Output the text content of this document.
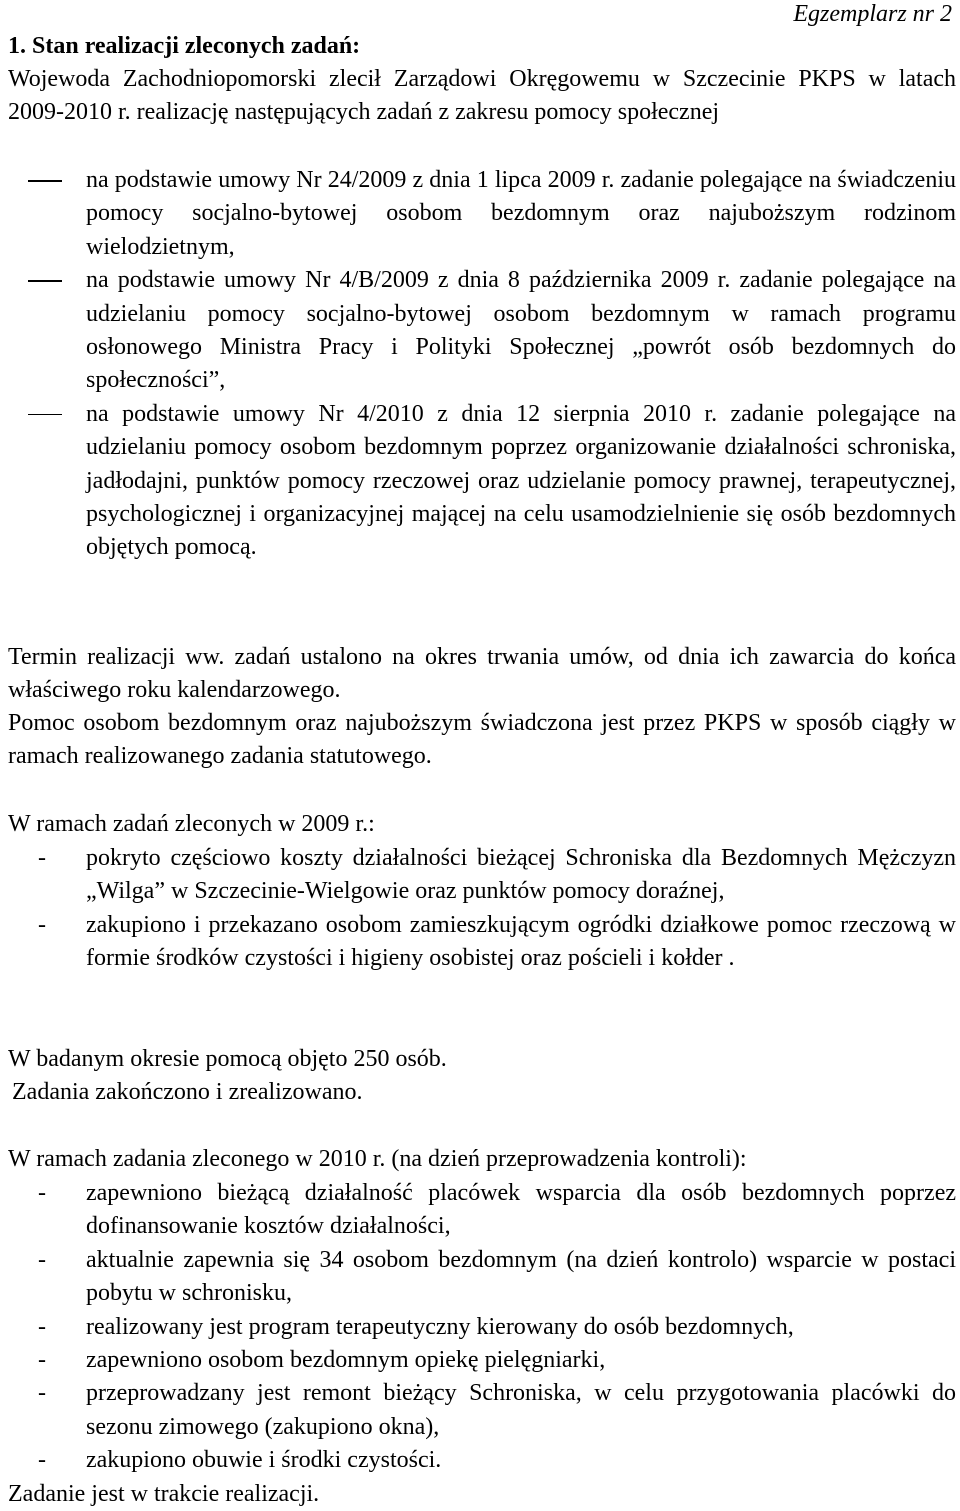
Egzemplarz nr 2
1. Stan realizacji zleconych zadań:
Wojewoda Zachodniopomorski zlecił Zarządowi Okręgowemu w Szczecinie PKPS w latach 2009-2010 r. realizację następujących zadań z zakresu pomocy społecznej
na podstawie umowy Nr 24/2009 z dnia 1 lipca 2009 r. zadanie polegające na świadczeniu pomocy socjalno-bytowej osobom bezdomnym oraz najuboższym rodzinom wielodzietnym,
na podstawie umowy Nr 4/B/2009 z dnia 8 października 2009 r. zadanie polegające na udzielaniu pomocy socjalno-bytowej osobom bezdomnym w ramach programu osłonowego Ministra Pracy i Polityki Społecznej „powrót osób bezdomnych do społeczności”,
na podstawie umowy Nr 4/2010 z dnia 12 sierpnia 2010 r. zadanie polegające na udzielaniu pomocy osobom bezdomnym poprzez organizowanie działalności schroniska, jadłodajni, punktów pomocy rzeczowej oraz udzielanie pomocy prawnej, terapeutycznej, psychologicznej i organizacyjnej mającej na celu usamodzielnienie się osób bezdomnych objętych pomocą.
Termin realizacji ww. zadań ustalono na okres trwania umów, od dnia ich zawarcia do końca właściwego roku kalendarzowego.
Pomoc osobom bezdomnym oraz najuboższym świadczona jest przez PKPS w sposób ciągły w ramach realizowanego zadania statutowego.
W ramach zadań zleconych w 2009 r.:
- pokryto częściowo koszty działalności bieżącej Schroniska dla Bezdomnych Mężczyzn „Wilga” w Szczecinie-Wielgowie oraz punktów pomocy doraźnej,
- zakupiono i przekazano osobom zamieszkującym ogródki działkowe pomoc rzeczową w formie środków czystości i higieny osobistej oraz pościeli i kołder .
W badanym okresie pomocą objęto 250 osób.
Zadania zakończono i zrealizowano.
W ramach zadania zleconego w 2010 r. (na dzień przeprowadzenia kontroli):
- zapewniono bieżącą działalność placówek wsparcia dla osób bezdomnych poprzez dofinansowanie kosztów działalności,
- aktualnie zapewnia się 34 osobom bezdomnym (na dzień kontrolo) wsparcie w postaci pobytu w schronisku,
- realizowany jest program terapeutyczny kierowany do osób bezdomnych,
- zapewniono osobom bezdomnym opiekę pielęgniarki,
- przeprowadzany jest remont bieżący Schroniska, w celu przygotowania placówki do sezonu zimowego (zakupiono okna),
- zakupiono obuwie i środki czystości.
Zadanie jest w trakcie realizacji.
